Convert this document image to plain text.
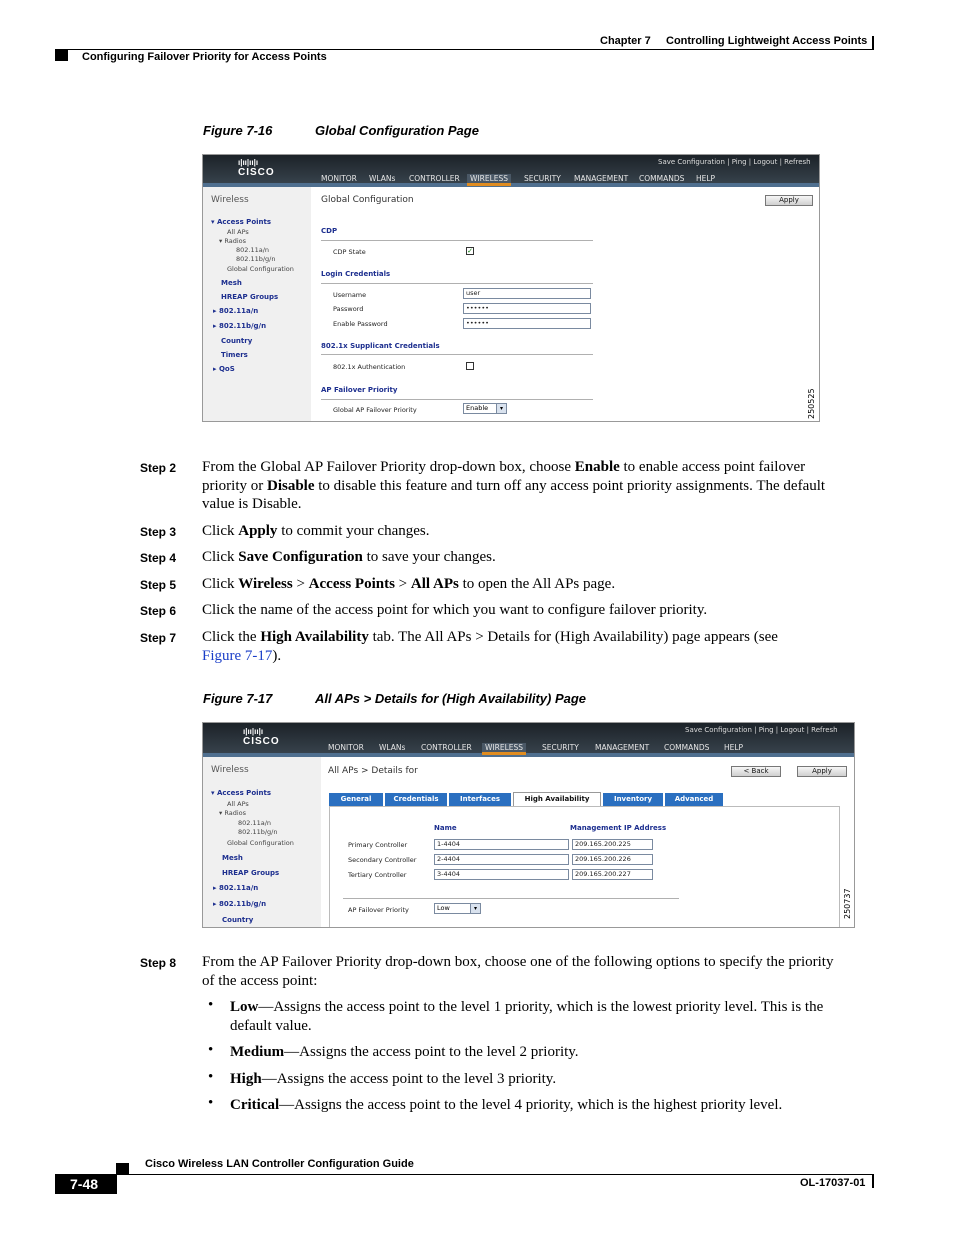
Chapter 7 Controlling Lightweight Access Points
Configuring Failover Priority for Access Points
Figure 7-16	Global Configuration Page
ı|ıı|ıı|ı
CISCO
Save Configuration | Ping | Logout | Refresh
MONITOR WLANs CONTROLLER	WIRELESS	SECURITY MANAGEMENT COMMANDS HELP
Wireless
▾ Access Points
All APs
▾ Radios
802.11a/n
802.11b/g/n
Global Configuration
Mesh
HREAP Groups
▸ 802.11a/n
▸ 802.11b/g/n
Country
Timers
▸ QoS
Global Configuration	Apply
CDP
CDP State	✓
Login Credentials
Username	user
Password	••••••
Enable Password	••••••
802.1x Supplicant Credentials
802.1x Authentication
AP Failover Priority
Global AP Failover Priority	Enable	▾	250525
Step 2 From the Global AP Failover Priority drop-down box, choose Enable to enable access point failover
priority or Disable to disable this feature and turn off any access point priority assignments. The default
value is Disable.
Step 3 Click Apply to commit your changes.
Step 4 Click Save Configuration to save your changes.
Step 5 Click Wireless > Access Points > All APs to open the All APs page.
Step 6 Click the name of the access point for which you want to configure failover priority.
Step 7 Click the High Availability tab. The All APs > Details for (High Availability) page appears (see
Figure 7-17).
Figure 7-17	All APs > Details for (High Availability) Page
ı|ıı|ıı|ı
CISCO
Save Configuration | Ping | Logout | Refresh
MONITOR WLANs CONTROLLER	WIRELESS	SECURITY MANAGEMENT COMMANDS HELP
Wireless
▾ Access Points
All APs
▾ Radios
802.11a/n
802.11b/g/n
Global Configuration
Mesh
HREAP Groups
▸ 802.11a/n
▸ 802.11b/g/n
Country
All APs > Details for	< Back	Apply
General	Credentials	Interfaces	High Availability	Inventory	Advanced
Name	Management IP Address
Primary Controller	1-4404	209.165.200.225
Secondary Controller	2-4404	209.165.200.226
Tertiary Controller	3-4404	209.165.200.227
AP Failover Priority	Low	▾	250737
Step 8 From the AP Failover Priority drop-down box, choose one of the following options to specify the priority
of the access point:
• Low—Assigns the access point to the level 1 priority, which is the lowest priority level. This is the
default value.
• Medium—Assigns the access point to the level 2 priority.
• High—Assigns the access point to the level 3 priority.
• Critical—Assigns the access point to the level 4 priority, which is the highest priority level.
Cisco Wireless LAN Controller Configuration Guide
7-48	OL-17037-01
